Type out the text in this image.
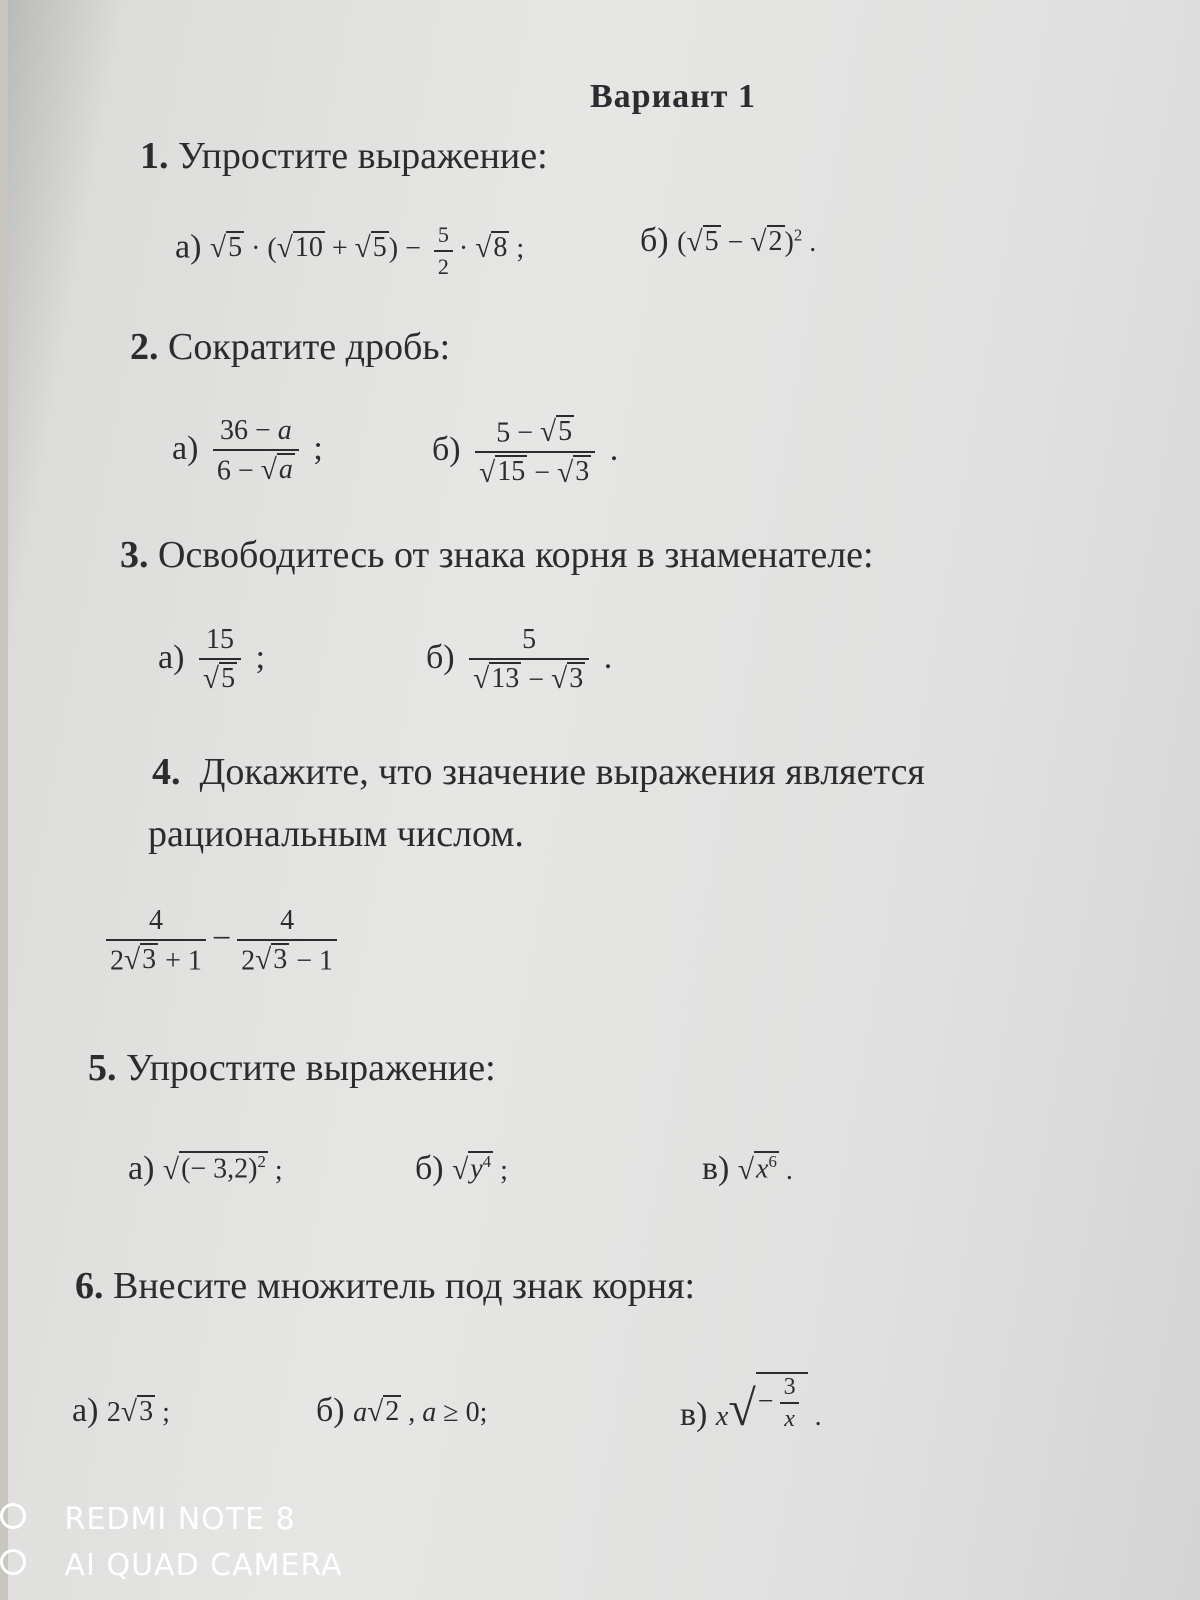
Вариант 1
1. Упростите выражение:
а) √ 5 · ( √ 10 + √ 5 ) − $\frac{5}{2}$ · √ 8 ;	б) ( √ 5 − √ 2 )$^2$ .
2. Сократите дробь:
$а) \frac{36 - a}{6 - √ a}$ ;	$б) \frac{5 - √ 5}{√ 15 - √ 3}$ .
3. Освободитесь от знака корня в знаменателе:
$а) \frac{15}{√ 5}$ ;	$б) \frac{5}{√ 13 - √ 3}$ .
4. Докажите, что значение выражения является
рациональным числом.
$\frac{4}{2 √ 3 + 1} - \frac{4}{2 √ 3 - 1}$
5. Упростите выражение:
а) √ (− 3,2)$^2$ ;	б) √ $y^4$ ;	в) √ $x^6$ .
6. Внесите множитель под знак корня:
а) 2 √ 3 ;	б) a √ 2 , a ≥ 0;	в) x √ − $\frac{3}{x}$ .
REDMI NOTE 8
AI QUAD CAMERA
